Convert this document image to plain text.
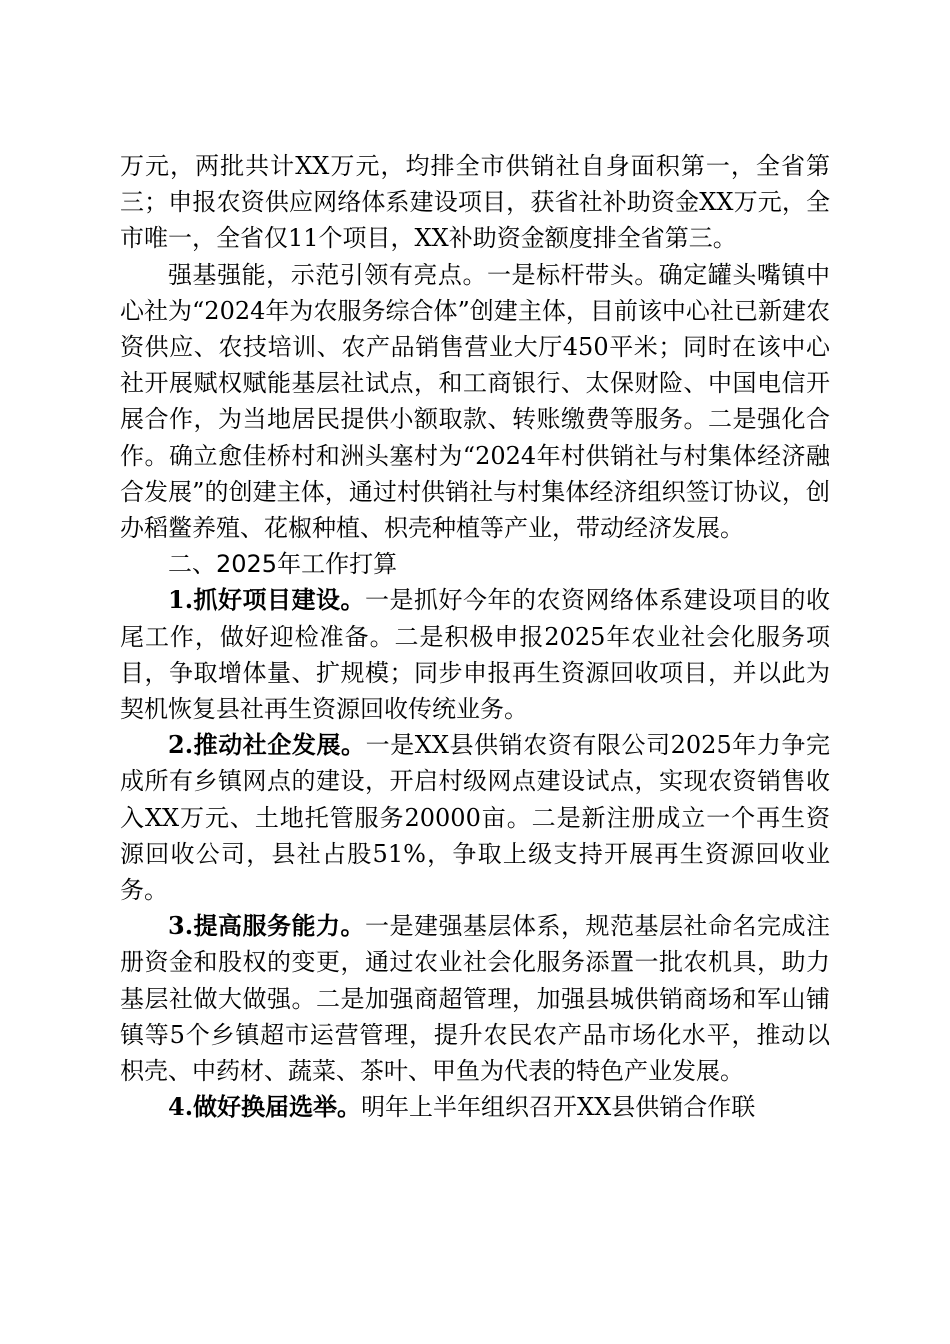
万元，两批共计XX万元，均排全市供销社自身面积第一，全省第三；申报农资供应网络体系建设项目，获省社补助资金XX万元，全市唯一，全省仅11个项目，XX补助资金额度排全省第三。

强基强能，示范引领有亮点。一是标杆带头。确定罐头嘴镇中心社为“2024年为农服务综合体”创建主体，目前该中心社已新建农资供应、农技培训、农产品销售营业大厅450平米；同时在该中心社开展赋权赋能基层社试点，和工商银行、太保财险、中国电信开展合作，为当地居民提供小额取款、转账缴费等服务。二是强化合作。确立愈佳桥村和洲头塞村为“2024年村供销社与村集体经济融合发展”的创建主体，通过村供销社与村集体经济组织签订协议，创办稻鳖养殖、花椒种植、枳壳种植等产业，带动经济发展。

二、2025年工作打算

1.抓好项目建设。一是抓好今年的农资网络体系建设项目的收尾工作，做好迎检准备。二是积极申报2025年农业社会化服务项目，争取增体量、扩规模；同步申报再生资源回收项目，并以此为契机恢复县社再生资源回收传统业务。

2.推动社企发展。一是XX县供销农资有限公司2025年力争完成所有乡镇网点的建设，开启村级网点建设试点，实现农资销售收入XX万元、土地托管服务20000亩。二是新注册成立一个再生资源回收公司，县社占股51%，争取上级支持开展再生资源回收业务。

3.提高服务能力。一是建强基层体系，规范基层社命名完成注册资金和股权的变更，通过农业社会化服务添置一批农机具，助力基层社做大做强。二是加强商超管理，加强县城供销商场和军山铺镇等5个乡镇超市运营管理，提升农民农产品市场化水平，推动以枳壳、中药材、蔬菜、茶叶、甲鱼为代表的特色产业发展。

4.做好换届选举。明年上半年组织召开XX县供销合作联
